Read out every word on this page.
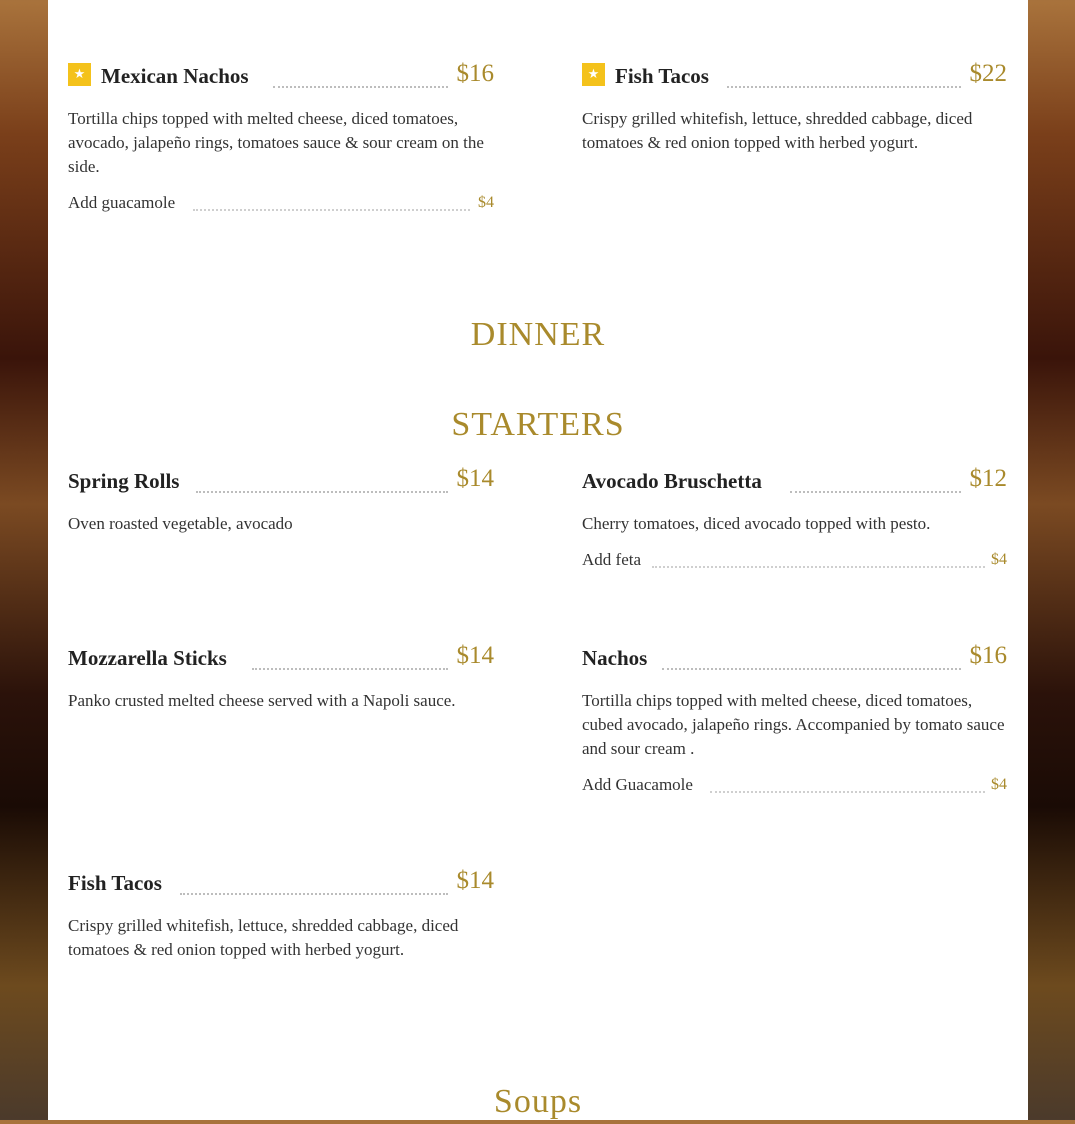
★ Mexican Nachos	$16
Tortilla chips topped with melted cheese, diced tomatoes, avocado, jalapeño rings, tomatoes sauce & sour cream on the side.
Add guacamole	$4
★ Fish Tacos	$22
Crispy grilled whitefish, lettuce, shredded cabbage, diced tomatoes & red onion topped with herbed yogurt.
DINNER
STARTERS
Spring Rolls	$14
Oven roasted vegetable, avocado
Avocado Bruschetta	$12
Cherry tomatoes, diced avocado topped with pesto.
Add feta	$4
Mozzarella Sticks	$14
Panko crusted melted cheese served with a Napoli sauce.
Nachos	$16
Tortilla chips topped with melted cheese, diced tomatoes, cubed avocado, jalapeño rings. Accompanied by tomato sauce and sour cream .
Add Guacamole	$4
Fish Tacos	$14
Crispy grilled whitefish, lettuce, shredded cabbage, diced tomatoes & red onion topped with herbed yogurt.
Soups
